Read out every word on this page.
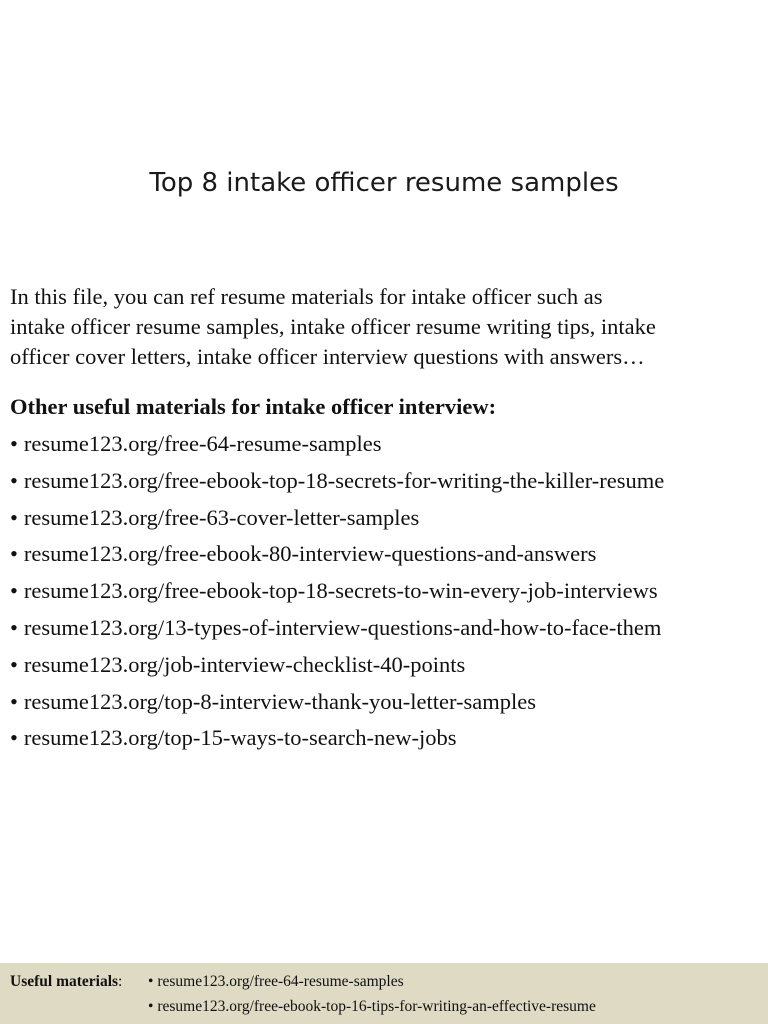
Top 8 intake officer resume samples

In this file, you can ref resume materials for intake officer such as
intake officer resume samples, intake officer resume writing tips, intake
officer cover letters, intake officer interview questions with answers…

Other useful materials for intake officer interview:
• resume123.org/free-64-resume-samples
• resume123.org/free-ebook-top-18-secrets-for-writing-the-killer-resume
• resume123.org/free-63-cover-letter-samples
• resume123.org/free-ebook-80-interview-questions-and-answers
• resume123.org/free-ebook-top-18-secrets-to-win-every-job-interviews
• resume123.org/13-types-of-interview-questions-and-how-to-face-them
• resume123.org/job-interview-checklist-40-points
• resume123.org/top-8-interview-thank-you-letter-samples
• resume123.org/top-15-ways-to-search-new-jobs
Useful materials: • resume123.org/free-64-resume-samples
• resume123.org/free-ebook-top-16-tips-for-writing-an-effective-resume
